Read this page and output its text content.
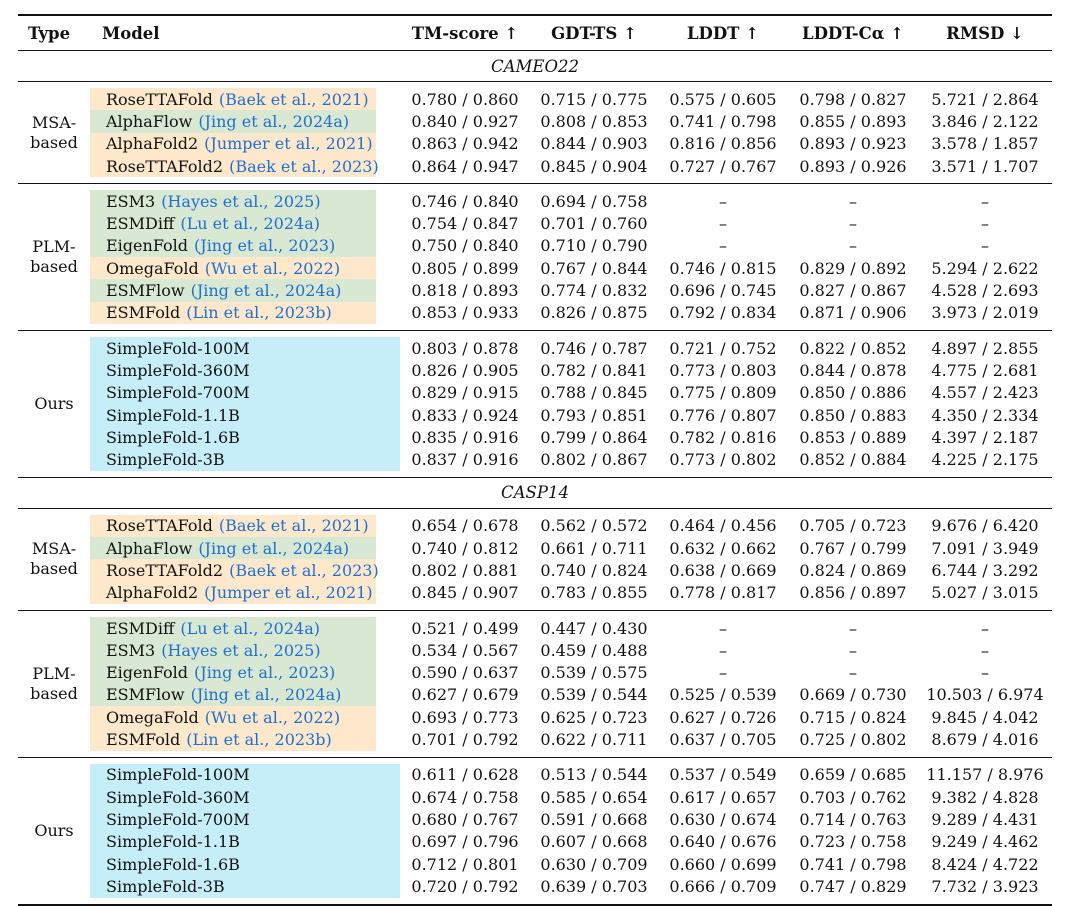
Type	Model	TM-score ↑	GDT-TS ↑	LDDT ↑	LDDT-Cα ↑	RMSD ↓
CAMEO22
MSA-
based
RoseTTAFold (Baek et al., 2021)	0.780 / 0.860	0.715 / 0.775	0.575 / 0.605	0.798 / 0.827	5.721 / 2.864
AlphaFlow (Jing et al., 2024a)	0.840 / 0.927	0.808 / 0.853	0.741 / 0.798	0.855 / 0.893	3.846 / 2.122
AlphaFold2 (Jumper et al., 2021)	0.863 / 0.942	0.844 / 0.903	0.816 / 0.856	0.893 / 0.923	3.578 / 1.857
RoseTTAFold2 (Baek et al., 2023)	0.864 / 0.947	0.845 / 0.904	0.727 / 0.767	0.893 / 0.926	3.571 / 1.707
PLM-
based
ESM3 (Hayes et al., 2025)	0.746 / 0.840	0.694 / 0.758	–	–	–
ESMDiff (Lu et al., 2024a)	0.754 / 0.847	0.701 / 0.760	–	–	–
EigenFold (Jing et al., 2023)	0.750 / 0.840	0.710 / 0.790	–	–	–
OmegaFold (Wu et al., 2022)	0.805 / 0.899	0.767 / 0.844	0.746 / 0.815	0.829 / 0.892	5.294 / 2.622
ESMFlow (Jing et al., 2024a)	0.818 / 0.893	0.774 / 0.832	0.696 / 0.745	0.827 / 0.867	4.528 / 2.693
ESMFold (Lin et al., 2023b)	0.853 / 0.933	0.826 / 0.875	0.792 / 0.834	0.871 / 0.906	3.973 / 2.019
Ours
SimpleFold-100M	0.803 / 0.878	0.746 / 0.787	0.721 / 0.752	0.822 / 0.852	4.897 / 2.855
SimpleFold-360M	0.826 / 0.905	0.782 / 0.841	0.773 / 0.803	0.844 / 0.878	4.775 / 2.681
SimpleFold-700M	0.829 / 0.915	0.788 / 0.845	0.775 / 0.809	0.850 / 0.886	4.557 / 2.423
SimpleFold-1.1B	0.833 / 0.924	0.793 / 0.851	0.776 / 0.807	0.850 / 0.883	4.350 / 2.334
SimpleFold-1.6B	0.835 / 0.916	0.799 / 0.864	0.782 / 0.816	0.853 / 0.889	4.397 / 2.187
SimpleFold-3B	0.837 / 0.916	0.802 / 0.867	0.773 / 0.802	0.852 / 0.884	4.225 / 2.175
CASP14
MSA-
based
RoseTTAFold (Baek et al., 2021)	0.654 / 0.678	0.562 / 0.572	0.464 / 0.456	0.705 / 0.723	9.676 / 6.420
AlphaFlow (Jing et al., 2024a)	0.740 / 0.812	0.661 / 0.711	0.632 / 0.662	0.767 / 0.799	7.091 / 3.949
RoseTTAFold2 (Baek et al., 2023)	0.802 / 0.881	0.740 / 0.824	0.638 / 0.669	0.824 / 0.869	6.744 / 3.292
AlphaFold2 (Jumper et al., 2021)	0.845 / 0.907	0.783 / 0.855	0.778 / 0.817	0.856 / 0.897	5.027 / 3.015
PLM-
based
ESMDiff (Lu et al., 2024a)	0.521 / 0.499	0.447 / 0.430	–	–	–
ESM3 (Hayes et al., 2025)	0.534 / 0.567	0.459 / 0.488	–	–	–
EigenFold (Jing et al., 2023)	0.590 / 0.637	0.539 / 0.575	–	–	–
ESMFlow (Jing et al., 2024a)	0.627 / 0.679	0.539 / 0.544	0.525 / 0.539	0.669 / 0.730	10.503 / 6.974
OmegaFold (Wu et al., 2022)	0.693 / 0.773	0.625 / 0.723	0.627 / 0.726	0.715 / 0.824	9.845 / 4.042
ESMFold (Lin et al., 2023b)	0.701 / 0.792	0.622 / 0.711	0.637 / 0.705	0.725 / 0.802	8.679 / 4.016
Ours
SimpleFold-100M	0.611 / 0.628	0.513 / 0.544	0.537 / 0.549	0.659 / 0.685	11.157 / 8.976
SimpleFold-360M	0.674 / 0.758	0.585 / 0.654	0.617 / 0.657	0.703 / 0.762	9.382 / 4.828
SimpleFold-700M	0.680 / 0.767	0.591 / 0.668	0.630 / 0.674	0.714 / 0.763	9.289 / 4.431
SimpleFold-1.1B	0.697 / 0.796	0.607 / 0.668	0.640 / 0.676	0.723 / 0.758	9.249 / 4.462
SimpleFold-1.6B	0.712 / 0.801	0.630 / 0.709	0.660 / 0.699	0.741 / 0.798	8.424 / 4.722
SimpleFold-3B	0.720 / 0.792	0.639 / 0.703	0.666 / 0.709	0.747 / 0.829	7.732 / 3.923
